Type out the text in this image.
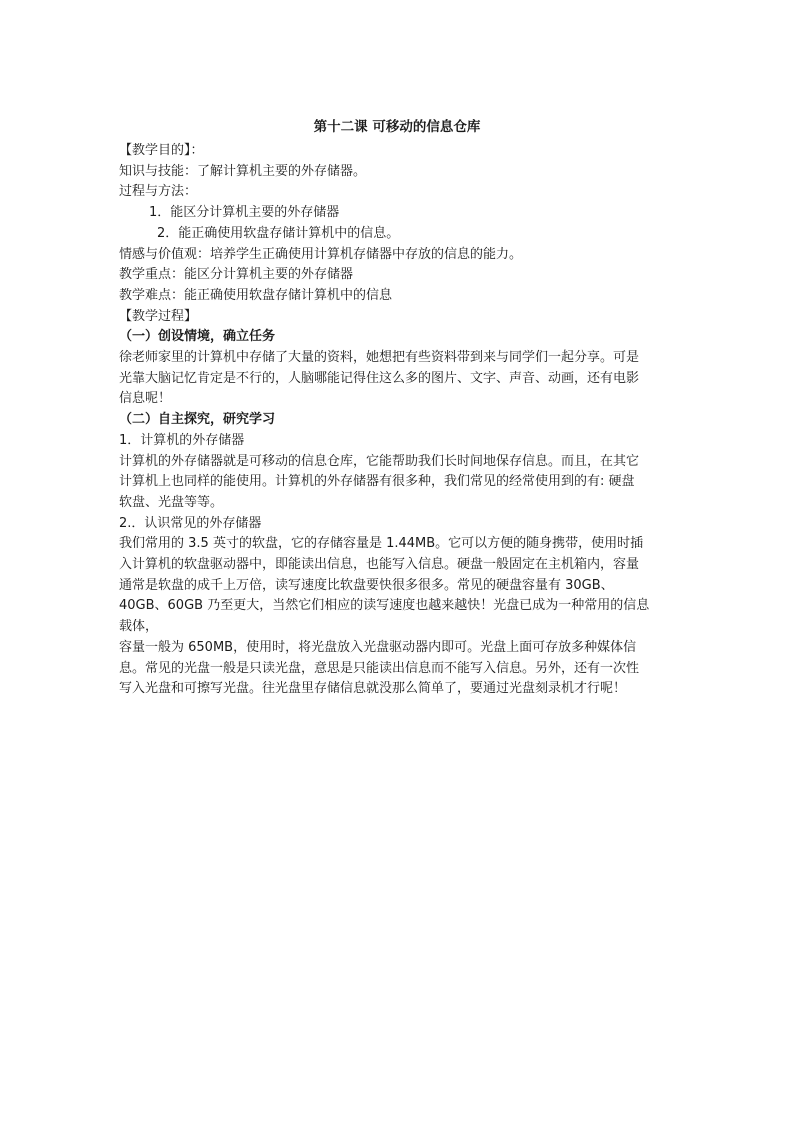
第十二课 可移动的信息仓库
【教学目的】：
知识与技能：了解计算机主要的外存储器。
过程与方法：
1．能区分计算机主要的外存储器
2．能正确使用软盘存储计算机中的信息。
情感与价值观：培养学生正确使用计算机存储器中存放的信息的能力。
教学重点：能区分计算机主要的外存储器
教学难点：能正确使用软盘存储计算机中的信息
【教学过程】
（一）创设情境，确立任务
徐老师家里的计算机中存储了大量的资料，她想把有些资料带到来与同学们一起分享。可是
光靠大脑记忆肯定是不行的，人脑哪能记得住这么多的图片、文字、声音、动画，还有电影
信息呢！
（二）自主探究，研究学习
1．计算机的外存储器
计算机的外存储器就是可移动的信息仓库，它能帮助我们长时间地保存信息。而且，在其它
计算机上也同样的能使用。计算机的外存储器有很多种，我们常见的经常使用到的有: 硬盘
软盘、光盘等等。
2.．认识常见的外存储器
我们常用的 3.5 英寸的软盘，它的存储容量是 1.44MB。它可以方便的随身携带，使用时插
入计算机的软盘驱动器中，即能读出信息，也能写入信息。硬盘一般固定在主机箱内，容量
通常是软盘的成千上万倍，读写速度比软盘要快很多很多。常见的硬盘容量有 30GB、
40GB、60GB 乃至更大，当然它们相应的读写速度也越来越快！光盘已成为一种常用的信息
载体，
容量一般为 650MB，使用时，将光盘放入光盘驱动器内即可。光盘上面可存放多种媒体信
息。常见的光盘一般是只读光盘，意思是只能读出信息而不能写入信息。另外，还有一次性
写入光盘和可擦写光盘。往光盘里存储信息就没那么简单了，要通过光盘刻录机才行呢！
